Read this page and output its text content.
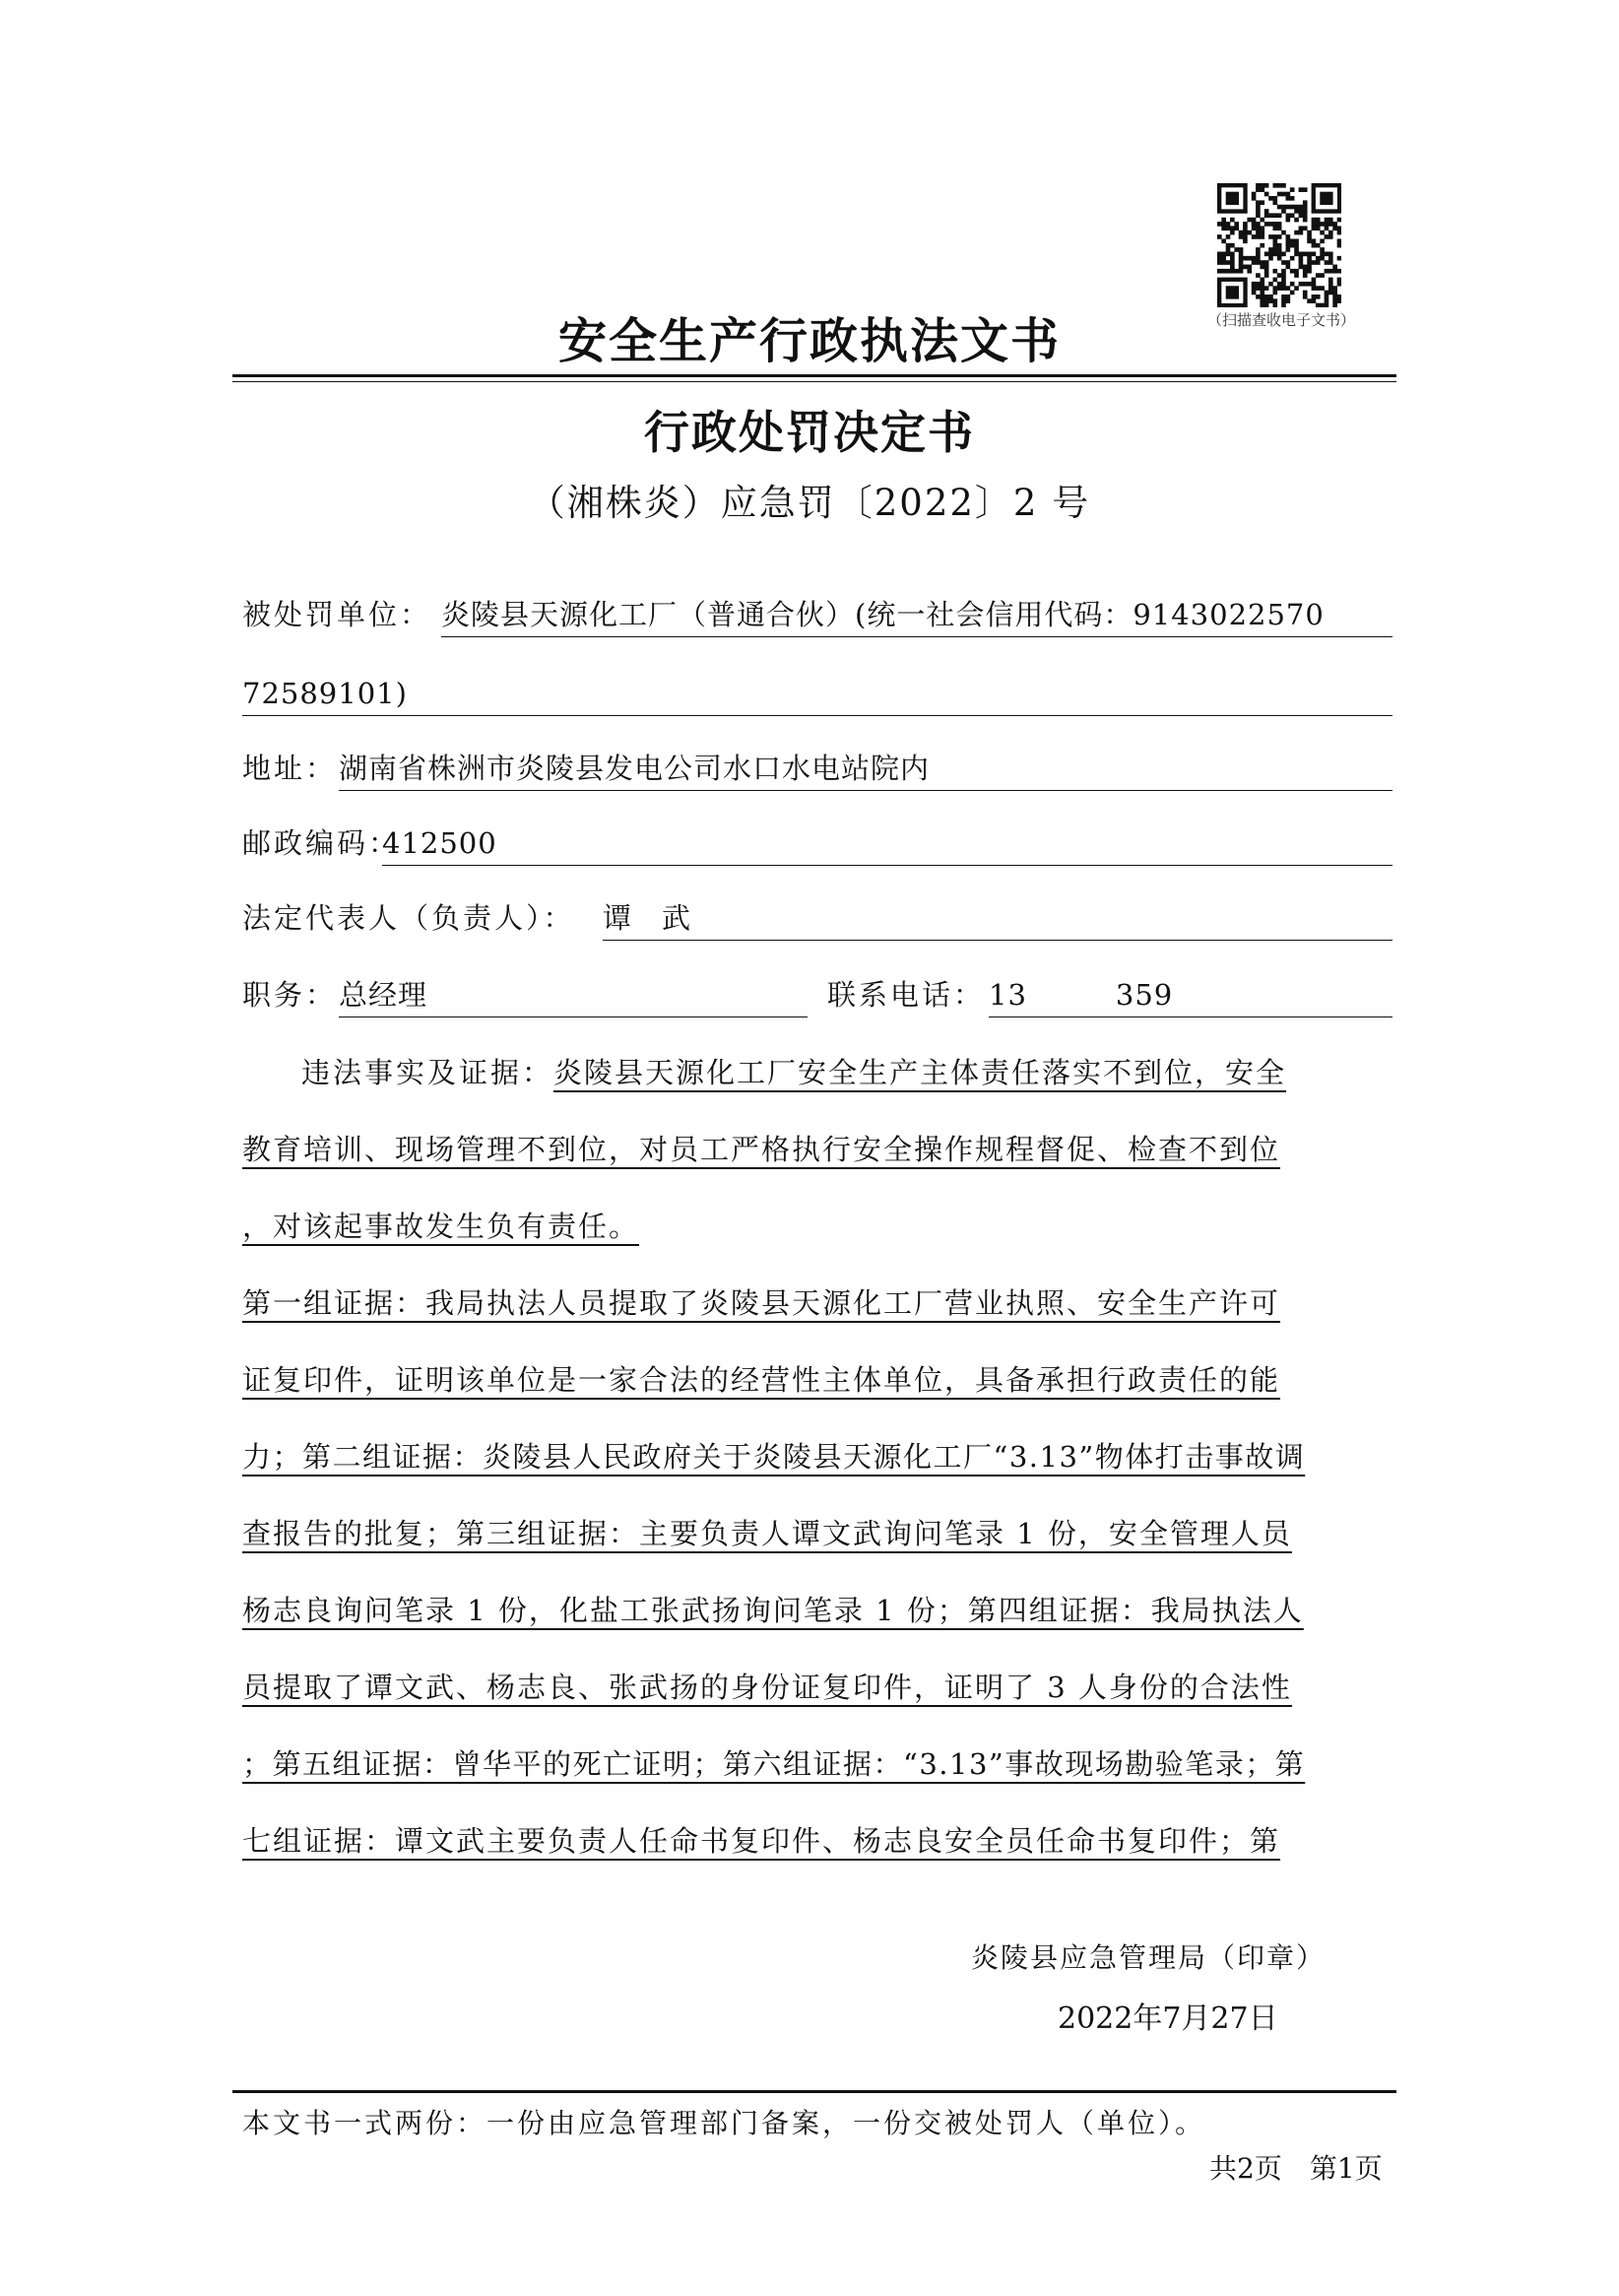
（扫描查收电子文书）
安全生产行政执法文书
行政处罚决定书
（湘株炎）应急罚〔2022〕2 号
被处罚单位： 炎陵县天源化工厂（普通合伙）(统一社会信用代码：9143022570
72589101)
地址： 湖南省株洲市炎陵县发电公司水口水电站院内
邮政编码：
412500
法定代表人（负责人）： 谭　武
职务： 总经理	联系电话： 13　　　359
违法事实及证据：炎陵县天源化工厂安全生产主体责任落实不到位，安全
教育培训、现场管理不到位，对员工严格执行安全操作规程督促、检查不到位
，对该起事故发生负有责任。
第一组证据：我局执法人员提取了炎陵县天源化工厂营业执照、安全生产许可
证复印件，证明该单位是一家合法的经营性主体单位，具备承担行政责任的能
力；第二组证据：炎陵县人民政府关于炎陵县天源化工厂“3.13”物体打击事故调
查报告的批复；第三组证据：主要负责人谭文武询问笔录 1 份，安全管理人员
杨志良询问笔录 1 份，化盐工张武扬询问笔录 1 份；第四组证据：我局执法人
员提取了谭文武、杨志良、张武扬的身份证复印件，证明了 3 人身份的合法性
；第五组证据：曾华平的死亡证明；第六组证据：“3.13”事故现场勘验笔录；第
七组证据：谭文武主要负责人任命书复印件、杨志良安全员任命书复印件；第
炎陵县应急管理局（印章）
2022年7月27日
本文书一式两份：一份由应急管理部门备案，一份交被处罚人（单位）。
共2页　第1页
